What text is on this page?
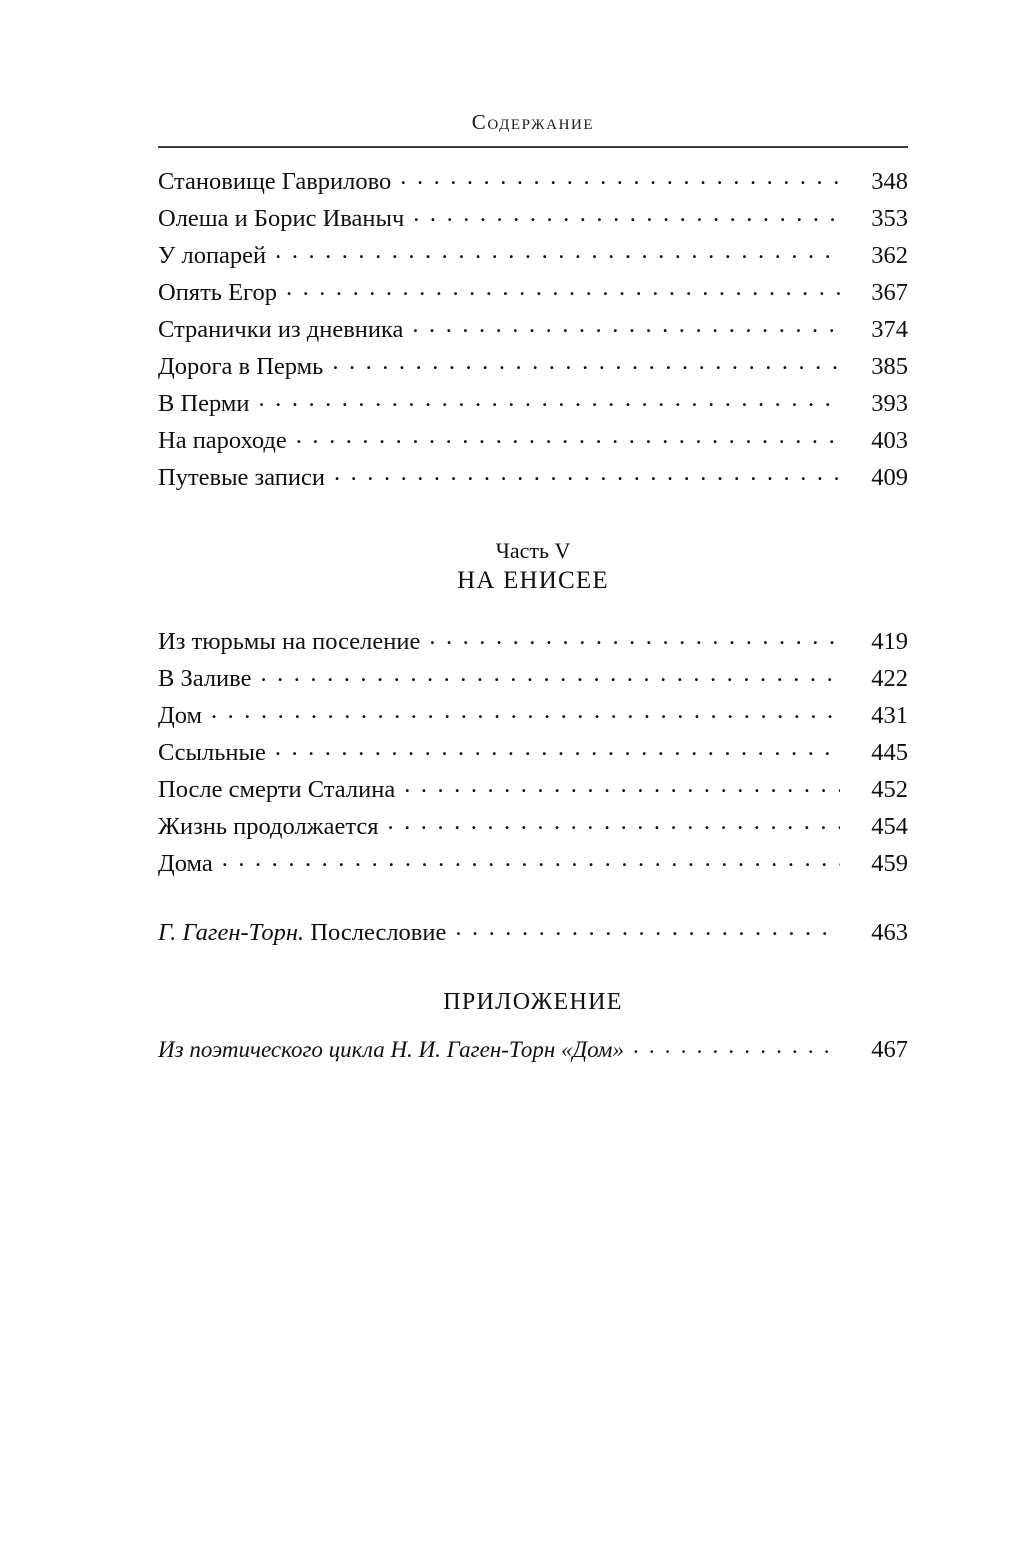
Содержание
Становище Гаврилово . . .	348
Олеша и Борис Иваныч . . .	353
У лопарей . . .	362
Опять Егор . . .	367
Странички из дневника . . .	374
Дорога в Пермь . . .	385
В Перми . . .	393
На пароходе . . .	403
Путевые записи . . .	409
Часть V
НА ЕНИСЕЕ
Из тюрьмы на поселение . . .	419
В Заливе . . .	422
Дом . . .	431
Ссыльные . . .	445
После смерти Сталина . . .	452
Жизнь продолжается . . .	454
Дома . . .	459
Г. Гаген-Торн. Послесловие . . .	463
ПРИЛОЖЕНИЕ
Из поэтического цикла Н. И. Гаген-Торн «Дом» . . .	467
